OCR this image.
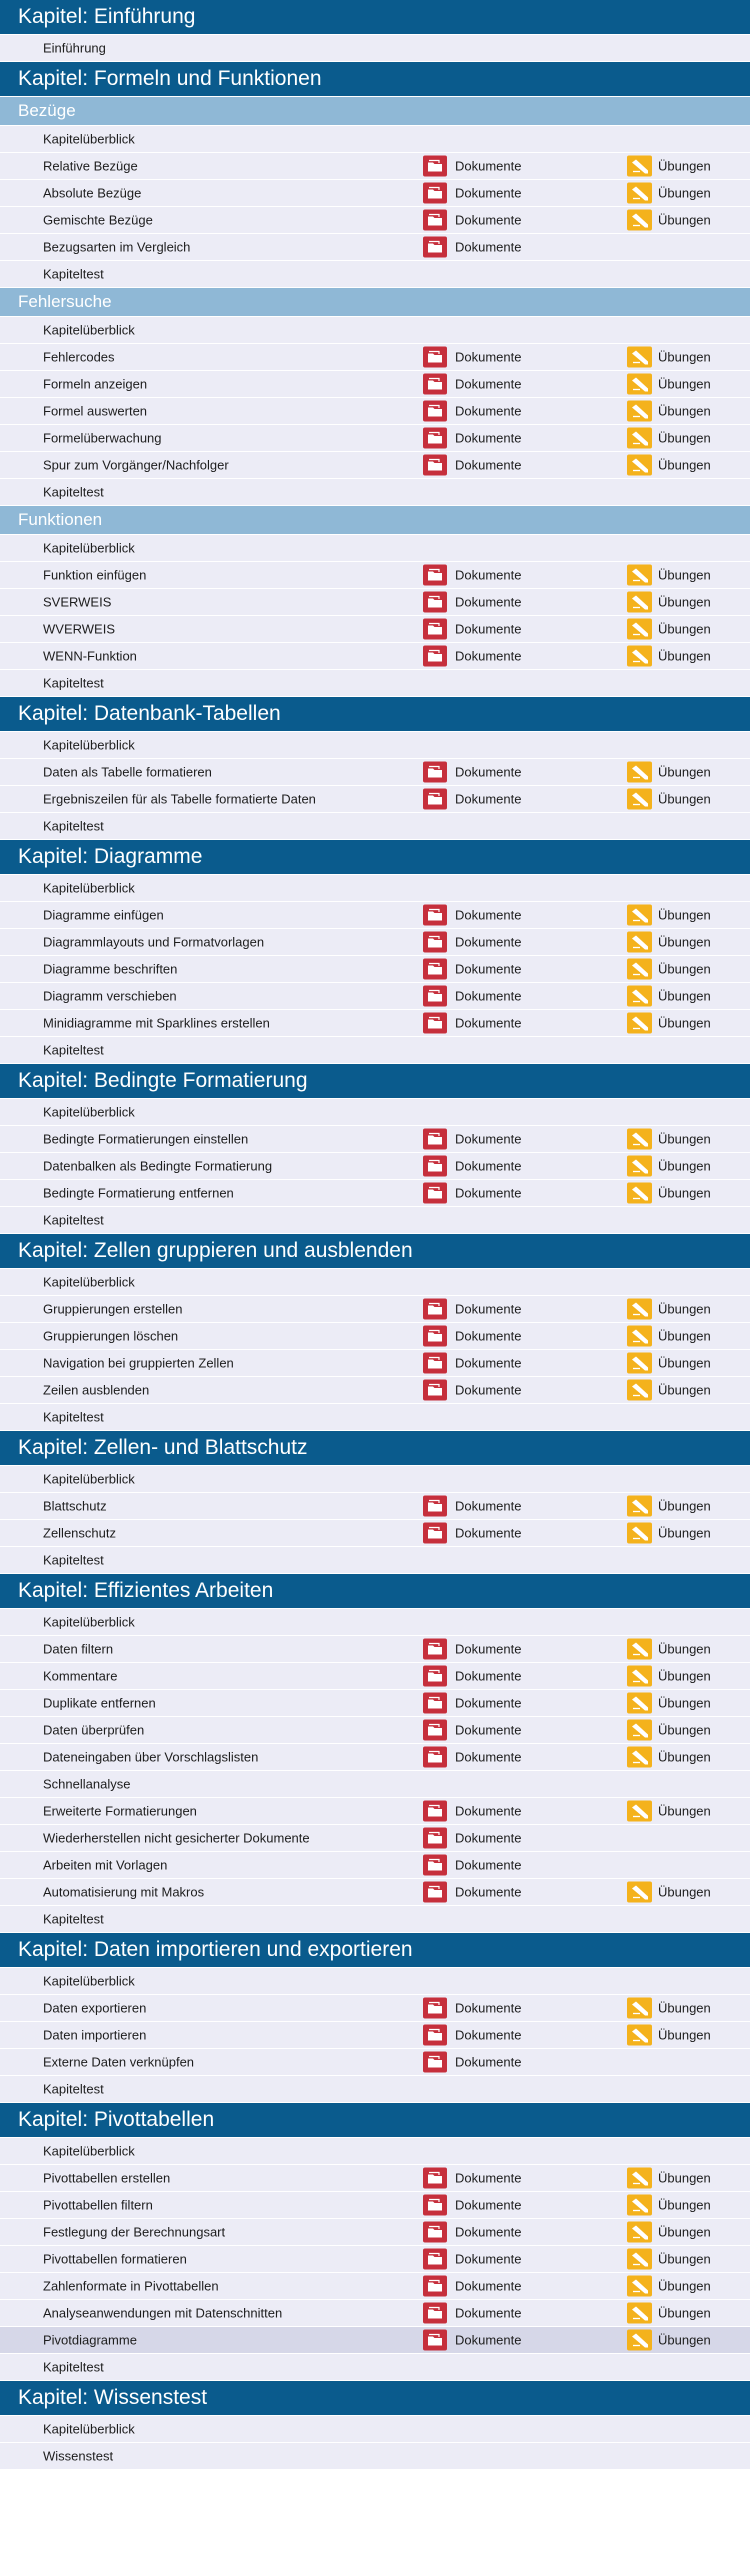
Kapitel: Einführung
Einführung
Kapitel: Formeln und Funktionen
Bezüge
Kapitelüberblick
Relative Bezüge	Dokumente	Übungen
Absolute Bezüge	Dokumente	Übungen
Gemischte Bezüge	Dokumente	Übungen
Bezugsarten im Vergleich	Dokumente
Kapiteltest
Fehlersuche
Kapitelüberblick
Fehlercodes	Dokumente	Übungen
Formeln anzeigen	Dokumente	Übungen
Formel auswerten	Dokumente	Übungen
Formelüberwachung	Dokumente	Übungen
Spur zum Vorgänger/Nachfolger	Dokumente	Übungen
Kapiteltest
Funktionen
Kapitelüberblick
Funktion einfügen	Dokumente	Übungen
SVERWEIS	Dokumente	Übungen
WVERWEIS	Dokumente	Übungen
WENN-Funktion	Dokumente	Übungen
Kapiteltest
Kapitel: Datenbank-Tabellen
Kapitelüberblick
Daten als Tabelle formatieren	Dokumente	Übungen
Ergebniszeilen für als Tabelle formatierte Daten	Dokumente	Übungen
Kapiteltest
Kapitel: Diagramme
Kapitelüberblick
Diagramme einfügen	Dokumente	Übungen
Diagrammlayouts und Formatvorlagen	Dokumente	Übungen
Diagramme beschriften	Dokumente	Übungen
Diagramm verschieben	Dokumente	Übungen
Minidiagramme mit Sparklines erstellen	Dokumente	Übungen
Kapiteltest
Kapitel: Bedingte Formatierung
Kapitelüberblick
Bedingte Formatierungen einstellen	Dokumente	Übungen
Datenbalken als Bedingte Formatierung	Dokumente	Übungen
Bedingte Formatierung entfernen	Dokumente	Übungen
Kapiteltest
Kapitel: Zellen gruppieren und ausblenden
Kapitelüberblick
Gruppierungen erstellen	Dokumente	Übungen
Gruppierungen löschen	Dokumente	Übungen
Navigation bei gruppierten Zellen	Dokumente	Übungen
Zeilen ausblenden	Dokumente	Übungen
Kapiteltest
Kapitel: Zellen- und Blattschutz
Kapitelüberblick
Blattschutz	Dokumente	Übungen
Zellenschutz	Dokumente	Übungen
Kapiteltest
Kapitel: Effizientes Arbeiten
Kapitelüberblick
Daten filtern	Dokumente	Übungen
Kommentare	Dokumente	Übungen
Duplikate entfernen	Dokumente	Übungen
Daten überprüfen	Dokumente	Übungen
Dateneingaben über Vorschlagslisten	Dokumente	Übungen
Schnellanalyse
Erweiterte Formatierungen	Dokumente	Übungen
Wiederherstellen nicht gesicherter Dokumente	Dokumente
Arbeiten mit Vorlagen	Dokumente
Automatisierung mit Makros	Dokumente	Übungen
Kapiteltest
Kapitel: Daten importieren und exportieren
Kapitelüberblick
Daten exportieren	Dokumente	Übungen
Daten importieren	Dokumente	Übungen
Externe Daten verknüpfen	Dokumente
Kapiteltest
Kapitel: Pivottabellen
Kapitelüberblick
Pivottabellen erstellen	Dokumente	Übungen
Pivottabellen filtern	Dokumente	Übungen
Festlegung der Berechnungsart	Dokumente	Übungen
Pivottabellen formatieren	Dokumente	Übungen
Zahlenformate in Pivottabellen	Dokumente	Übungen
Analyseanwendungen mit Datenschnitten	Dokumente	Übungen
Pivotdiagramme	Dokumente	Übungen
Kapiteltest
Kapitel: Wissenstest
Kapitelüberblick
Wissenstest
